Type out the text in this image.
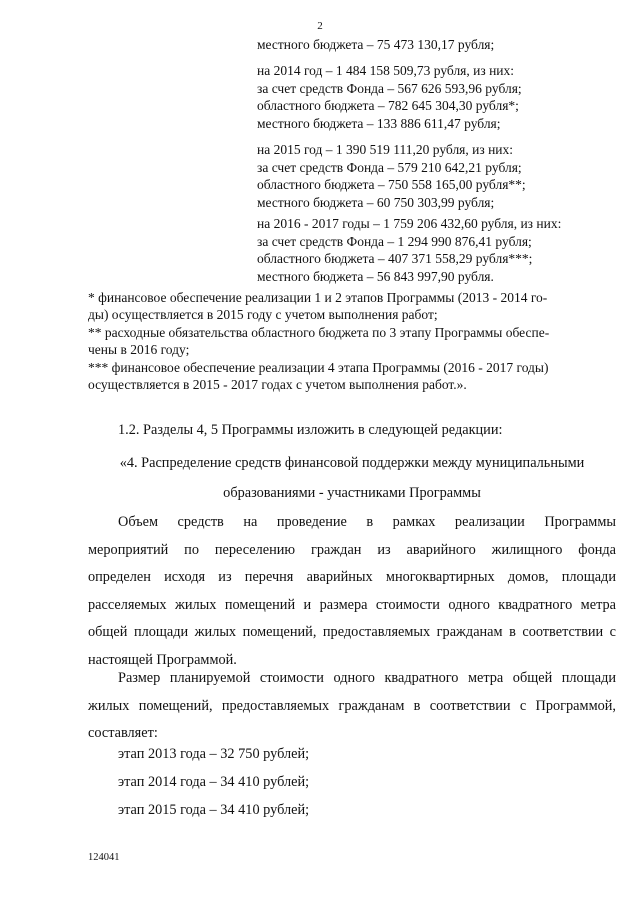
2
местного бюджета – 75 473 130,17 рубля;
на 2014 год – 1 484 158 509,73 рубля, из них:
за счет средств Фонда – 567 626 593,96 рубля;
областного бюджета – 782 645 304,30 рубля*;
местного бюджета – 133 886 611,47 рубля;
на 2015 год – 1 390 519 111,20 рубля, из них:
за счет средств Фонда – 579 210 642,21 рубля;
областного бюджета – 750 558 165,00 рубля**;
местного бюджета – 60 750 303,99 рубля;
на 2016 - 2017 годы – 1 759 206 432,60 рубля, из них:
за счет средств Фонда – 1 294 990 876,41 рубля;
областного бюджета – 407 371 558,29 рубля***;
местного бюджета – 56 843 997,90 рубля.
* финансовое обеспечение реализации 1 и 2 этапов Программы (2013 - 2014 го-
ды) осуществляется в 2015 году с учетом выполнения работ;
** расходные обязательства областного бюджета по 3 этапу Программы обеспе-
чены в 2016 году;
*** финансовое обеспечение реализации 4 этапа Программы (2016 - 2017 годы)
осуществляется в 2015 - 2017 годах с учетом выполнения работ.».
1.2. Разделы 4, 5 Программы изложить в следующей редакции:
«4. Распределение средств финансовой поддержки между муниципальными
образованиями - участниками Программы
Объем средств на проведение в рамках реализации Программы
мероприятий по переселению граждан из аварийного жилищного фонда
определен исходя из перечня аварийных многоквартирных домов, площади
расселяемых жилых помещений и размера стоимости одного квадратного метра
общей площади жилых помещений, предоставляемых гражданам в соответствии с
настоящей Программой.
Размер планируемой стоимости одного квадратного метра общей площади
жилых помещений, предоставляемых гражданам в соответствии с Программой,
составляет:
этап 2013 года – 32 750 рублей;
этап 2014 года – 34 410 рублей;
этап 2015 года – 34 410 рублей;
124041
